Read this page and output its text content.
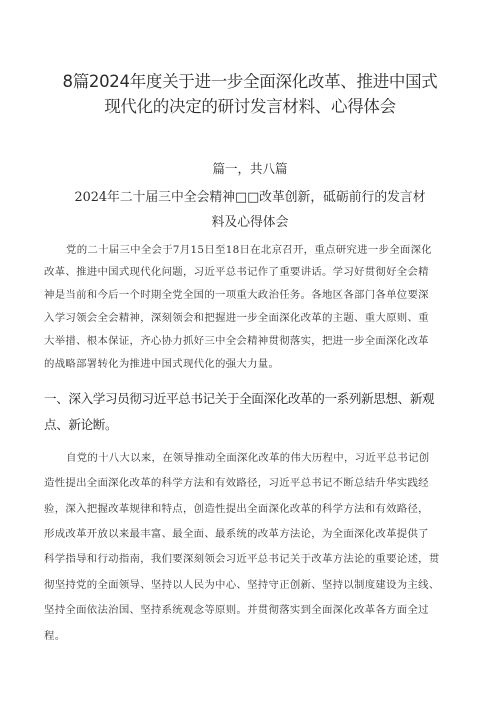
8篇2024年度关于进一步全面深化改革、推进中国式
现代化的决定的研讨发言材料、心得体会
篇一，共八篇
2024年二十届三中全会精神□□改革创新，砥砺前行的发言材
料及心得体会
党的二十届三中全会于7月15日至18日在北京召开，重点研究进一步全面深化
改革、推进中国式现代化问题，习近平总书记作了重要讲话。学习好贯彻好全会精
神是当前和今后一个时期全党全国的一项重大政治任务。各地区各部门各单位要深
入学习领会全会精神，深刻领会和把握进一步全面深化改革的主题、重大原则、重
大举措、根本保证，齐心协力抓好三中全会精神贯彻落实，把进一步全面深化改革
的战略部署转化为推进中国式现代化的强大力量。
一、深入学习员彻习近平总书记关于全面深化改革的一系列新思想、新观
点、新论断。
自党的十八大以来，在领导推动全面深化改革的伟大历程中，习近平总书记创
造性提出全面深化改革的科学方法和有效路径，习近平总书记不断总结升华实践经
验，深入把握改革规律和特点，创造性提出全面深化改革的科学方法和有效路径，
形成改革开放以来最丰富、最全面、最系统的改革方法论，为全面深化改革提供了
科学指导和行动指南，我们要深刻领会习近平总书记关于改革方法论的重要论述，贯
彻坚持党的全面领导、坚持以人民为中心、坚持守正创新、坚持以制度建设为主线、
坚持全面依法治国、坚持系统观念等原则。并贯彻落实到全面深化改革各方面全过
程。
